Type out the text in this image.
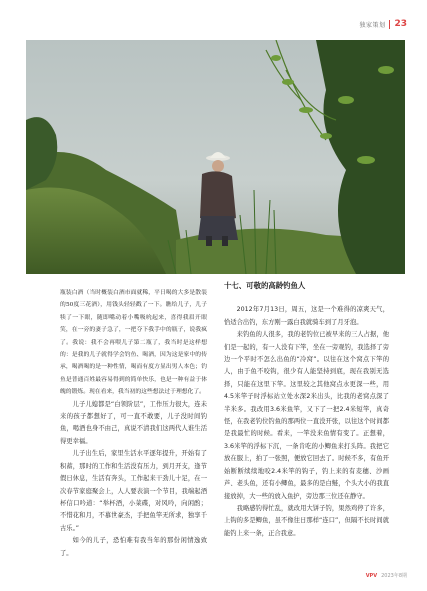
独家策划 23

瓶装白酒（当时概装白酒市面就稀，平日喝的大多是散装的50度三花酒），用钱头轻轻戳了一下。瞧给儿子，儿子犊了一下眼，随即嘴动着小嘴吸吮起来，喜得我眉开眼笑，在一旁的妻子急了，一把夺下我手中的瓶子，说我疯了。我说：我不会再喂儿子第二瓶了，我当时是这样想的：是我的儿子就得学会钓鱼、喝酒，因为这是家中的传承，喝酒喝的是一种性情，喝而有度方显出男人本色；钓鱼是普通百姓最容易得到的简单快乐，也是一种有益于体魄的锻炼。现在看来，我当初的这些想法过于理想化了。

儿子儿媳都是“白领阶层”，工作压力很大，连未来的孩子都想好了，可一直不敢要，儿子没时间钓鱼，喝酒也身不由己，真说不清我们这两代人谁生活得更幸福。

儿子出生后，家里生活水平逐年提升，开始有了积蓄，那时的工作和生活没有压力，到月开支，逢节假日休息，生活有奔头，工作起来干劲儿十足，在一次春节家庭聚会上，人人要表演一个节目，我端起酒杯信口吟道：“举杯酒，小菜碟，对风吟，向闲酌；不惜花和月，不慕世豪杰，手把鱼竿无所求，独享千古乐。”

如今的儿子，恐怕难有我当年的那份闲情逸致了。

十七、可敬的高龄钓鱼人

2012年7月13日，周五，这是一个难得的凉爽天气，恰适合出钓，东方刚一露白我就骑车到了月牙泡。

来钓鱼的人很多，我的老钓位已被早来的三人占据，他们是一起的，有一人没有下竿，坐在一旁观钓，我选择了旁边一个平时不怎么出鱼的“冷窝”。以往在这个窝点下竿的人，由于鱼不咬钩，很少有人能坚持到底，现在我别无选择，只能在这里下竿。这里较之其他窝点水更深一些，用4.5米竿子时浮标站立处水深2米出头，比我的老窝点深了半米多。我改用3.6米鱼竿，又下了一把2.4米短竿，真奇怪，在我老钓位钓鱼的那两位一直没开张，以往这个时间都是我最忙的时候。看来，一竿没来鱼情有变了。正想着，3.6米竿的浮标下沉，一条肯吃的小鲫鱼来打头阵。我把它放在服上，拍了一张照，便放它回去了。时候不多，有鱼开始断断续续地咬2.4米竿的钩子，钓上来的有麦穗、沙画芦、老头鱼，还有小鲫鱼，最多的是白鲢，个头大小的我直接放掉，大一些的放入鱼护，旁边那三位还在静守。

我略感钓得忙乱，就改用大饼子钓，果然鸡停了许多，上钩的多是鲫鱼，虽不像往日那样“连口”，但隔不长时间就能钓上来一条，正合我意。

VPV 2023年8期
